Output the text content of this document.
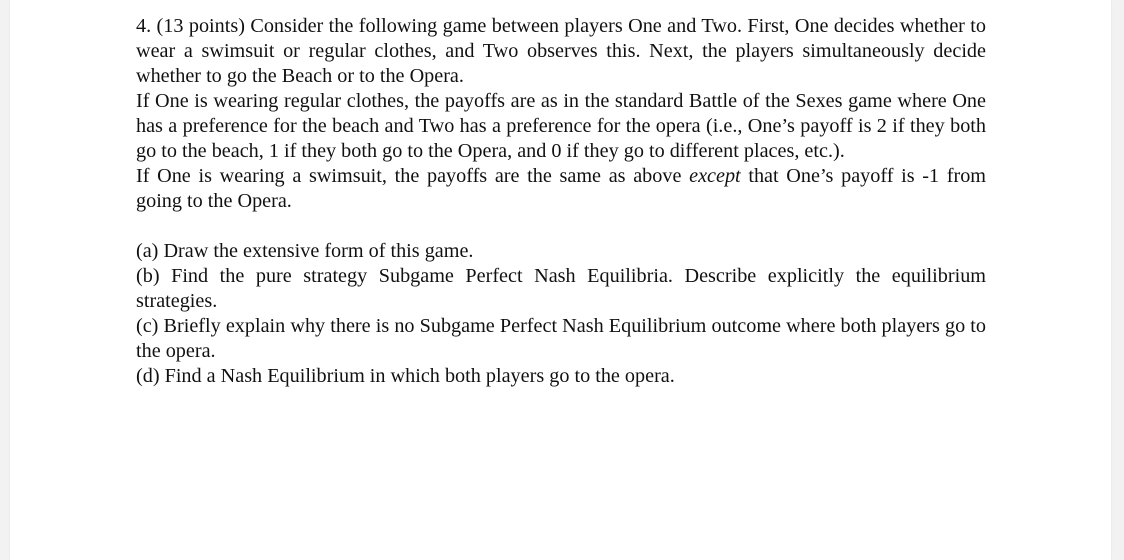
4. (13 points) Consider the following game between players One and Two. First, One decides whether to wear a swimsuit or regular clothes, and Two observes this. Next, the players simultaneously decide whether to go the Beach or to the Opera.

If One is wearing regular clothes, the payoffs are as in the standard Battle of the Sexes game where One has a preference for the beach and Two has a preference for the opera (i.e., One’s payoff is 2 if they both go to the beach, 1 if they both go to the Opera, and 0 if they go to different places, etc.).

If One is wearing a swimsuit, the payoffs are the same as above except that One’s payoff is -1 from going to the Opera.

(a) Draw the extensive form of this game.

(b) Find the pure strategy Subgame Perfect Nash Equilibria. Describe explicitly the equilibrium strategies.

(c) Briefly explain why there is no Subgame Perfect Nash Equilibrium outcome where both players go to the opera.

(d) Find a Nash Equilibrium in which both players go to the opera.
